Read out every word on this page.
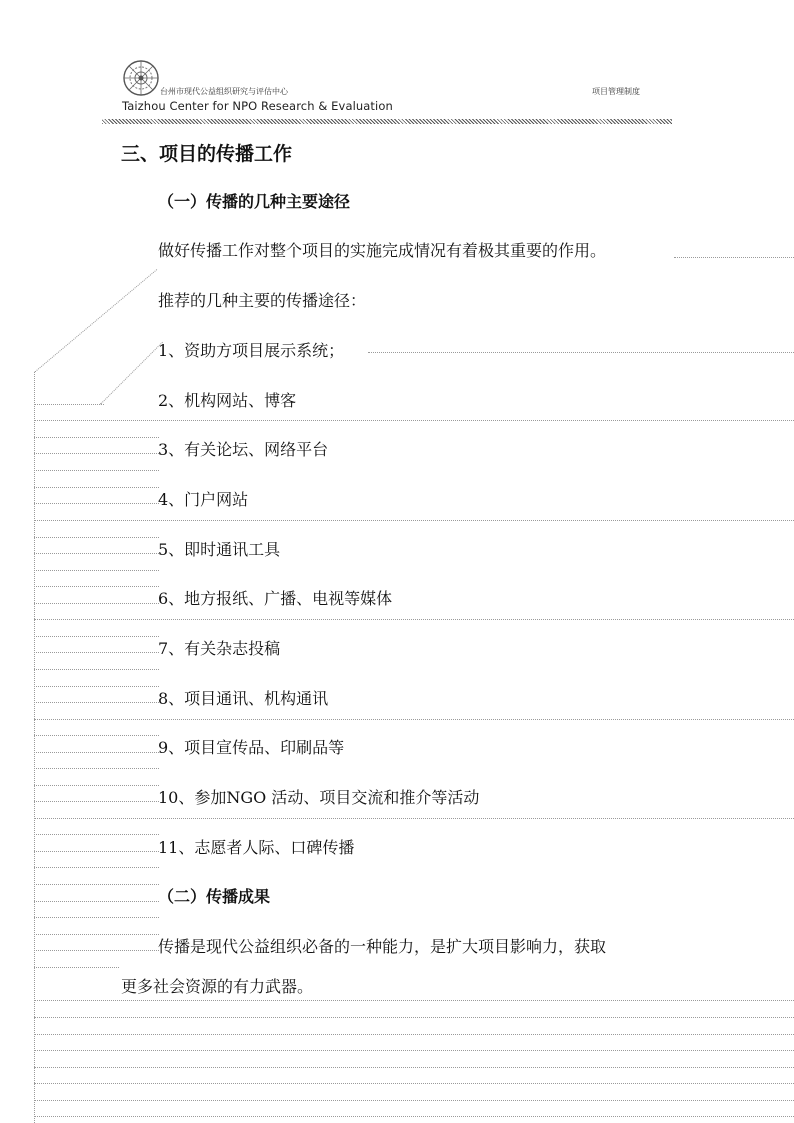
台州市现代公益组织研究与评估中心
Taizhou Center for NPO Research & Evaluation
项目管理制度
三、项目的传播工作
（一）传播的几种主要途径
做好传播工作对整个项目的实施完成情况有着极其重要的作用。
推荐的几种主要的传播途径：
1、资助方项目展示系统；
2、机构网站、博客
3、有关论坛、网络平台
4、门户网站
5、即时通讯工具
6、地方报纸、广播、电视等媒体
7、有关杂志投稿
8、项目通讯、机构通讯
9、项目宣传品、印刷品等
10、参加NGO 活动、项目交流和推介等活动
11、志愿者人际、口碑传播
（二）传播成果
传播是现代公益组织必备的一种能力，是扩大项目影响力，获取
更多社会资源的有力武器。
